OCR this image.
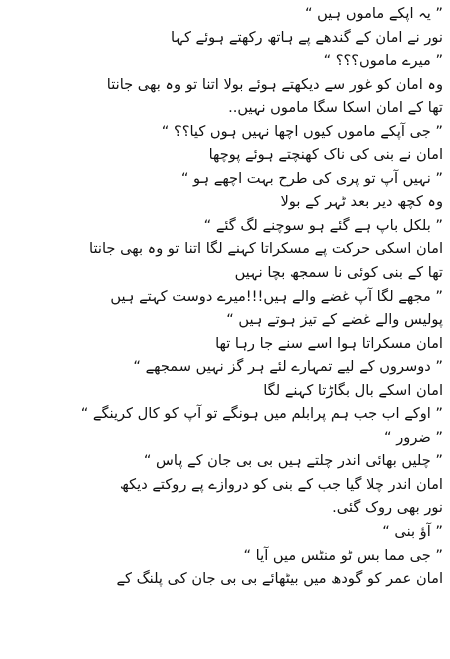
” یہ اپکے ماموں ہیں “
نور نے امان کے گندھے پے ہاتھ رکھتے ہوئے کہا
” میرے ماموں؟؟؟ “
وہ امان کو غور سے دیکھتے ہوئے بولا اتنا تو وہ بھی جانتا
تھا کے امان اسکا سگا ماموں نہیں..
” جی آپکے ماموں کیوں اچھا نہیں ہوں کیا؟؟ “
امان نے بنی کی ناک کھنچتے ہوئے پوچھا
” نہیں آپ تو پری کی طرح بہت اچھے ہو “
وہ کچھ دیر بعد ٹہر کے بولا
” بلکل باپ ہے گئے ہو سوچنے لگ گئے “
امان اسکی حرکت پے مسکراتا کہنے لگا اتنا تو وہ بھی جانتا
تھا کے بنی کوئی نا سمجھ بچا نہیں
” مجھے لگا آپ غضے والے ہیں!!!میرے دوست کہتے ہیں
پولیس والے غضے کے تیز ہوتے ہیں “
امان مسکراتا ہوا اسے سنے جا رہا تھا
” دوسروں کے لیے تمہارے لئے ہر گز نہیں سمجھے “
امان اسکے بال بگاڑتا کہنے لگا
” اوکے اب جب ہم پرابلم میں ہونگے تو آپ کو کال کرینگے “
” ضرور “
” چلیں بھائی اندر چلتے ہیں بی بی جان کے پاس “
امان اندر چلا گیا جب کے بنی کو دروازے پے روکتے دیکھ
نور بھی روک گئی.
” آؤ بنی “
” جی مما بس ٹو منٹس میں آیا “
امان عمر کو گودھ میں بیٹھائے بی بی جان کی پلنگ کے
